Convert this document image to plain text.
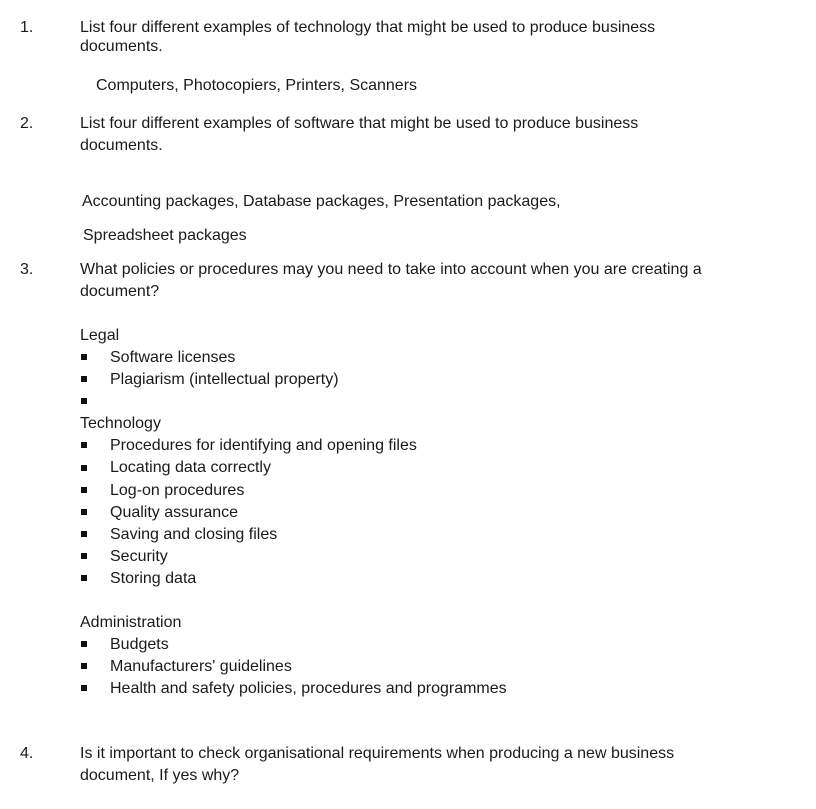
1.	List four different examples of technology that might be used to produce business
documents.
Computers, Photocopiers, Printers, Scanners
2.	List four different examples of software that might be used to produce business
documents.
Accounting packages, Database packages, Presentation packages,
Spreadsheet packages
3.	What policies or procedures may you need to take into account when you are creating a
document?
Legal
Software licenses
Plagiarism (intellectual property)
Technology
Procedures for identifying and opening files
Locating data correctly
Log-on procedures
Quality assurance
Saving and closing files
Security
Storing data
Administration
Budgets
Manufacturers' guidelines
Health and safety policies, procedures and programmes
4.	Is it important to check organisational requirements when producing a new business
document, If yes why?
